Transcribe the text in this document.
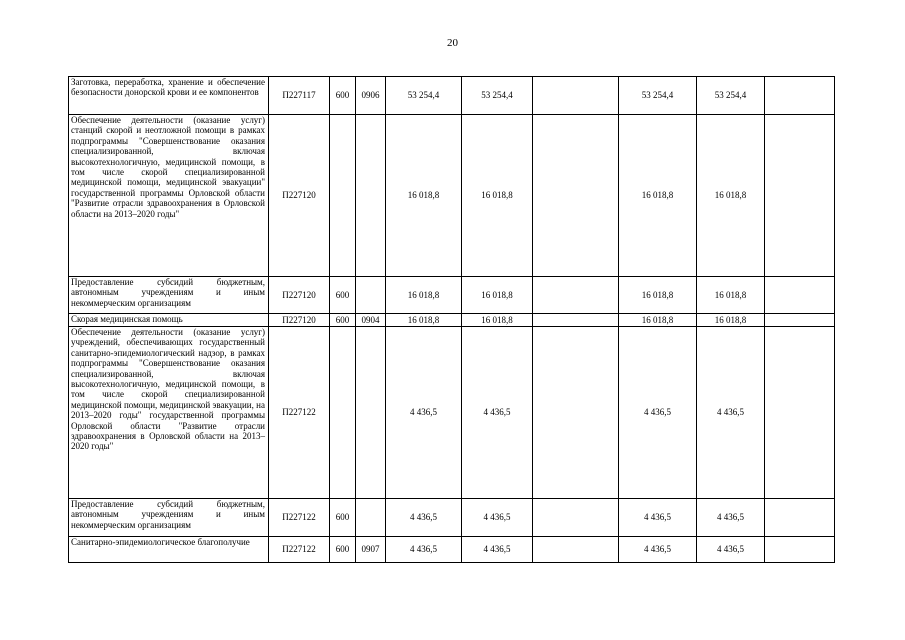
20
Заготовка, переработка, хранение и обеспечение безопасности донорской крови и ее компонентов	П227117	600	0906	53 254,4	53 254,4		53 254,4	53 254,4	
Обеспечение деятельности (оказание услуг) станций скорой и неотложной помощи в рамках подпрограммы "Совершенствование оказания специализированной, включая высокотехнологичную, медицинской помощи, в том числе скорой специализированной медицинской помощи, медицинской эвакуации" государственной программы Орловской области "Развитие отрасли здравоохранения в Орловской области на 2013–2020 годы"	П227120			16 018,8	16 018,8		16 018,8	16 018,8	
Предоставление субсидий бюджетным, автономным учреждениям и иным некоммерческим организациям	П227120	600		16 018,8	16 018,8		16 018,8	16 018,8	
Скорая медицинская помощь	П227120	600	0904	16 018,8	16 018,8		16 018,8	16 018,8	
Обеспечение деятельности (оказание услуг) учреждений, обеспечивающих государственный санитарно-эпидемиологический надзор, в рамках подпрограммы "Совершенствование оказания специализированной, включая высокотехнологичную, медицинской помощи, в том числе скорой специализированной медицинской помощи, медицинской эвакуации, на 2013–2020 годы" государственной программы Орловской области "Развитие отрасли здравоохранения в Орловской области на 2013–2020 годы"	П227122			4 436,5	4 436,5		4 436,5	4 436,5	
Предоставление субсидий бюджетным, автономным учреждениям и иным некоммерческим организациям	П227122	600		4 436,5	4 436,5		4 436,5	4 436,5	
Санитарно-эпидемиологическое благополучие	П227122	600	0907	4 436,5	4 436,5		4 436,5	4 436,5	
